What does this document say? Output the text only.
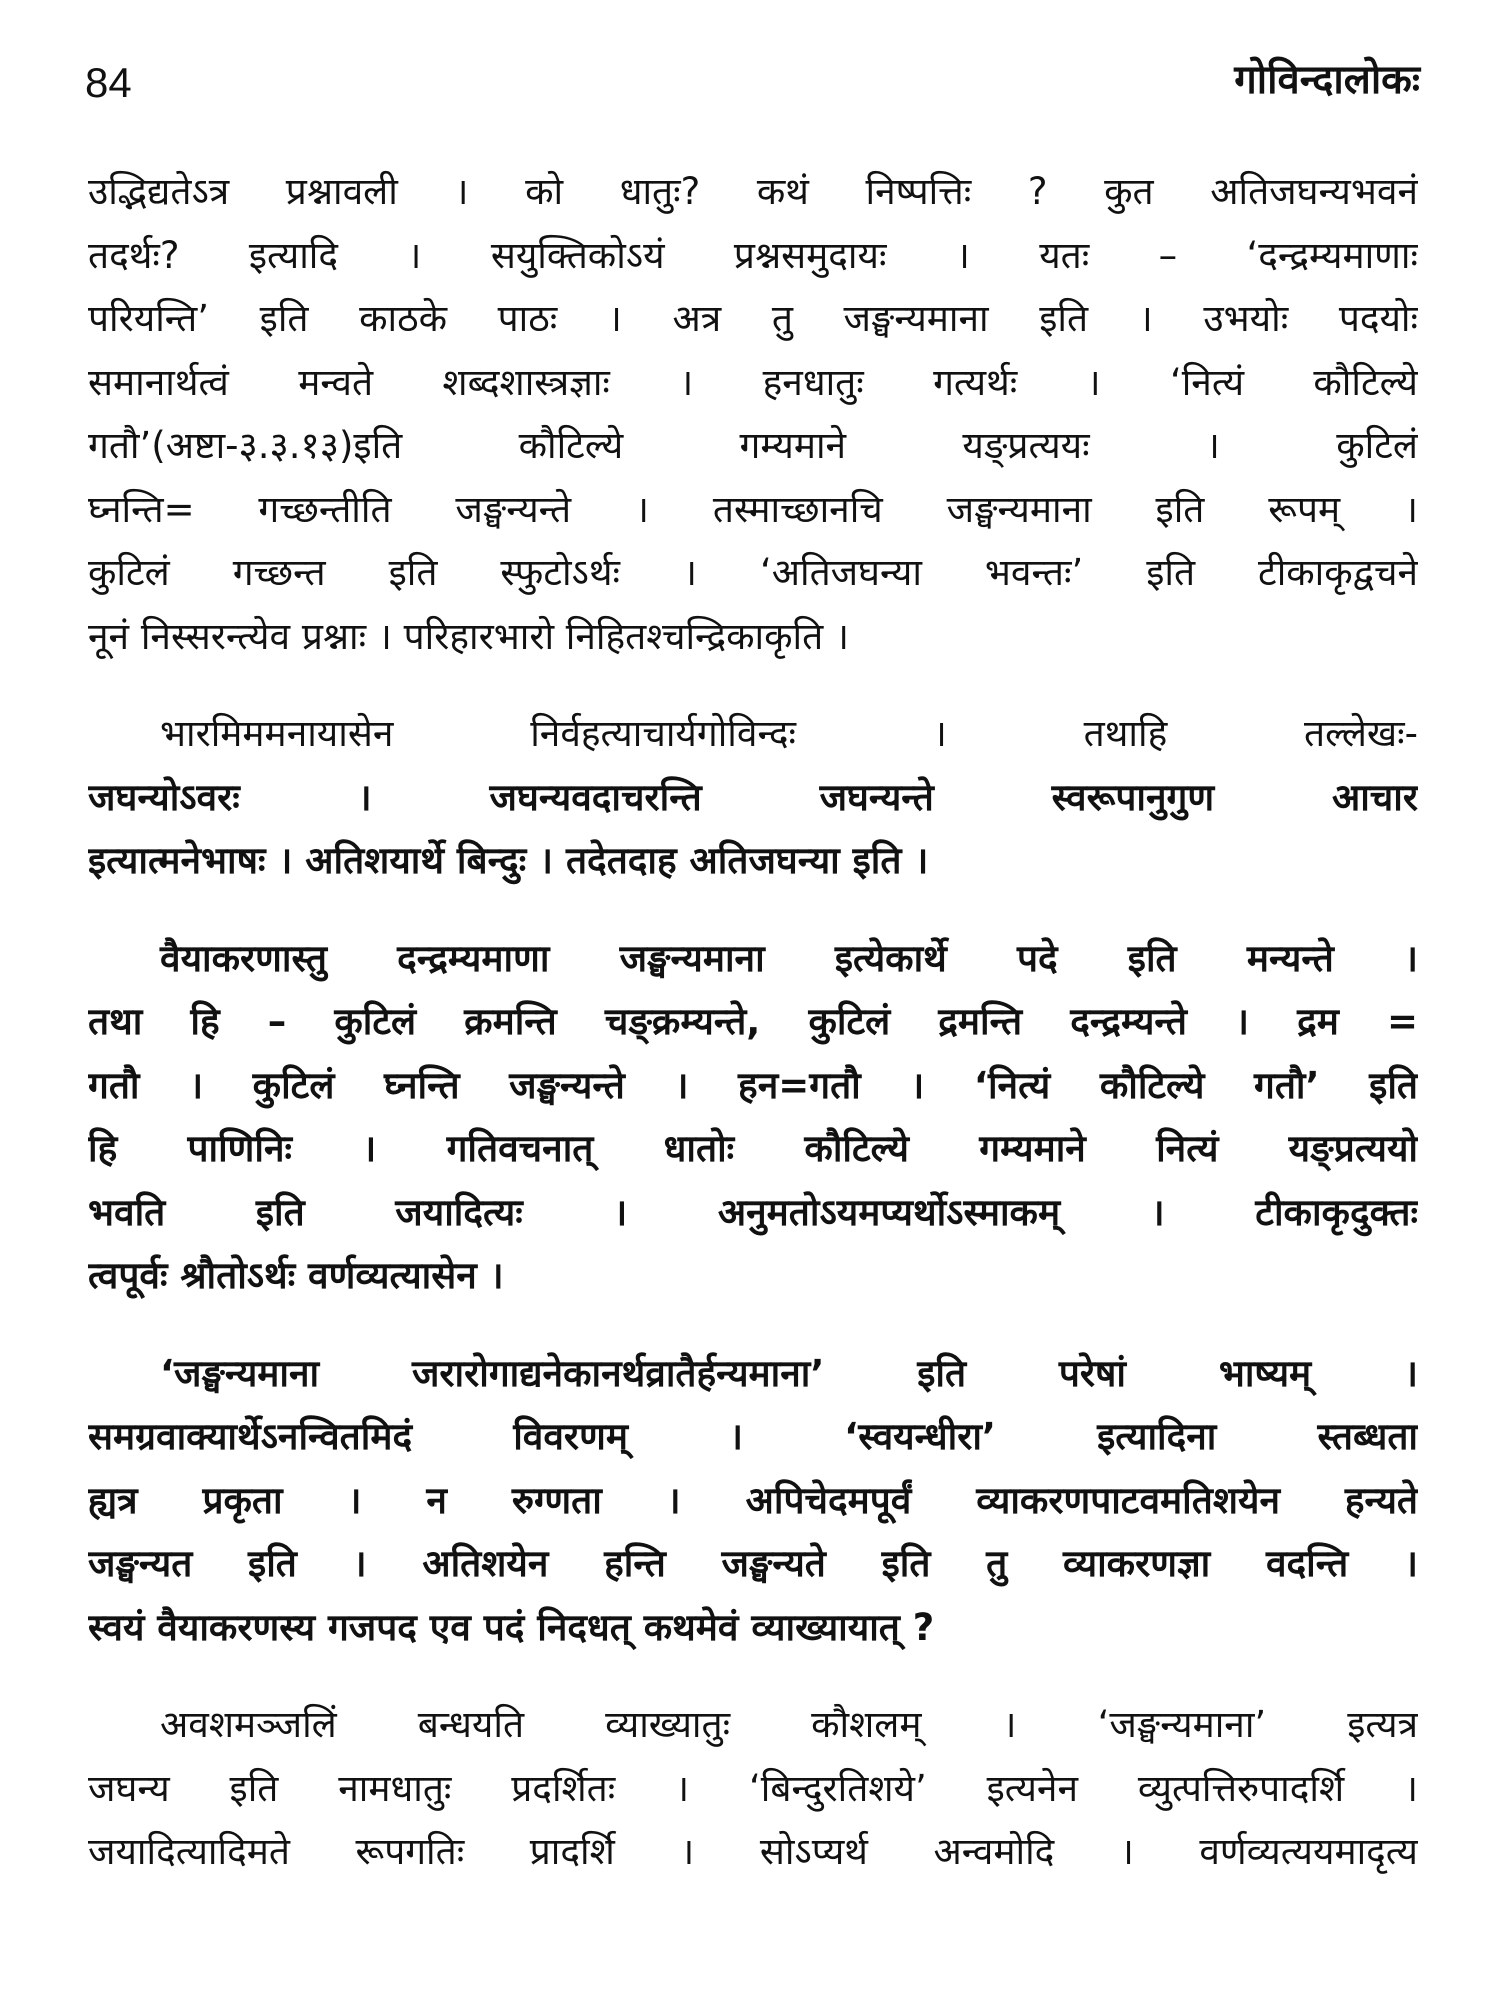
84	गोविन्दालोकः
उद्भिद्यतेऽत्र प्रश्नावली । को धातुः? कथं निष्पत्तिः ? कुत अतिजघन्यभवनं
तदर्थः? इत्यादि । सयुक्तिकोऽयं प्रश्नसमुदायः । यतः – ‘दन्द्रम्यमाणाः
परियन्ति’ इति काठके पाठः । अत्र तु जङ्घन्यमाना इति । उभयोः पदयोः
समानार्थत्वं मन्वते शब्दशास्त्रज्ञाः । हनधातुः गत्यर्थः । ‘नित्यं कौटिल्ये
गतौ’(अष्टा-३.३.१३)इति कौटिल्ये गम्यमाने यङ्प्रत्ययः । कुटिलं
घ्नन्ति= गच्छन्तीति जङ्घन्यन्ते । तस्माच्छानचि जङ्घन्यमाना इति रूपम् ।
कुटिलं गच्छन्त इति स्फुटोऽर्थः । ‘अतिजघन्या भवन्तः’ इति टीकाकृद्वचने
नूनं निस्सरन्त्येव प्रश्नाः । परिहारभारो निहितश्चन्द्रिकाकृति ।
भारमिममनायासेन निर्वहत्याचार्यगोविन्दः । तथाहि तल्लेखः-
जघन्योऽवरः । जघन्यवदाचरन्ति जघन्यन्ते स्वरूपानुगुण आचार
इत्यात्मनेभाषः । अतिशयार्थे बिन्दुः । तदेतदाह अतिजघन्या इति ।
वैयाकरणास्तु दन्द्रम्यमाणा जङ्घन्यमाना इत्येकार्थे पदे इति मन्यन्ते ।
तथा हि – कुटिलं क्रमन्ति चङ्क्रम्यन्ते, कुटिलं द्रमन्ति दन्द्रम्यन्ते । द्रम =
गतौ । कुटिलं घ्नन्ति जङ्घन्यन्ते । हन=गतौ । ‘नित्यं कौटिल्ये गतौ’ इति
हि पाणिनिः । गतिवचनात् धातोः कौटिल्ये गम्यमाने नित्यं यङ्प्रत्ययो
भवति इति जयादित्यः । अनुमतोऽयमप्यर्थोऽस्माकम् । टीकाकृदुक्तः
त्वपूर्वः श्रौतोऽर्थः वर्णव्यत्यासेन ।
‘जङ्घन्यमाना जरारोगाद्यनेकानर्थव्रातैर्हन्यमाना’ इति परेषां भाष्यम् ।
समग्रवाक्यार्थेऽनन्वितमिदं विवरणम् । ‘स्वयन्धीरा’ इत्यादिना स्तब्धता
ह्यत्र प्रकृता । न रुग्णता । अपिचेदमपूर्वं व्याकरणपाटवमतिशयेन हन्यते
जङ्घन्यत इति । अतिशयेन हन्ति जङ्घन्यते इति तु व्याकरणज्ञा वदन्ति ।
स्वयं वैयाकरणस्य गजपद एव पदं निदधत् कथमेवं व्याख्यायात् ?
अवशमञ्जलिं बन्धयति व्याख्यातुः कौशलम् । ‘जङ्घन्यमाना’ इत्यत्र
जघन्य इति नामधातुः प्रदर्शितः । ‘बिन्दुरतिशये’ इत्यनेन व्युत्पत्तिरुपादर्शि ।
जयादित्यादिमते रूपगतिः प्रादर्शि । सोऽप्यर्थ अन्वमोदि । वर्णव्यत्ययमादृत्य
